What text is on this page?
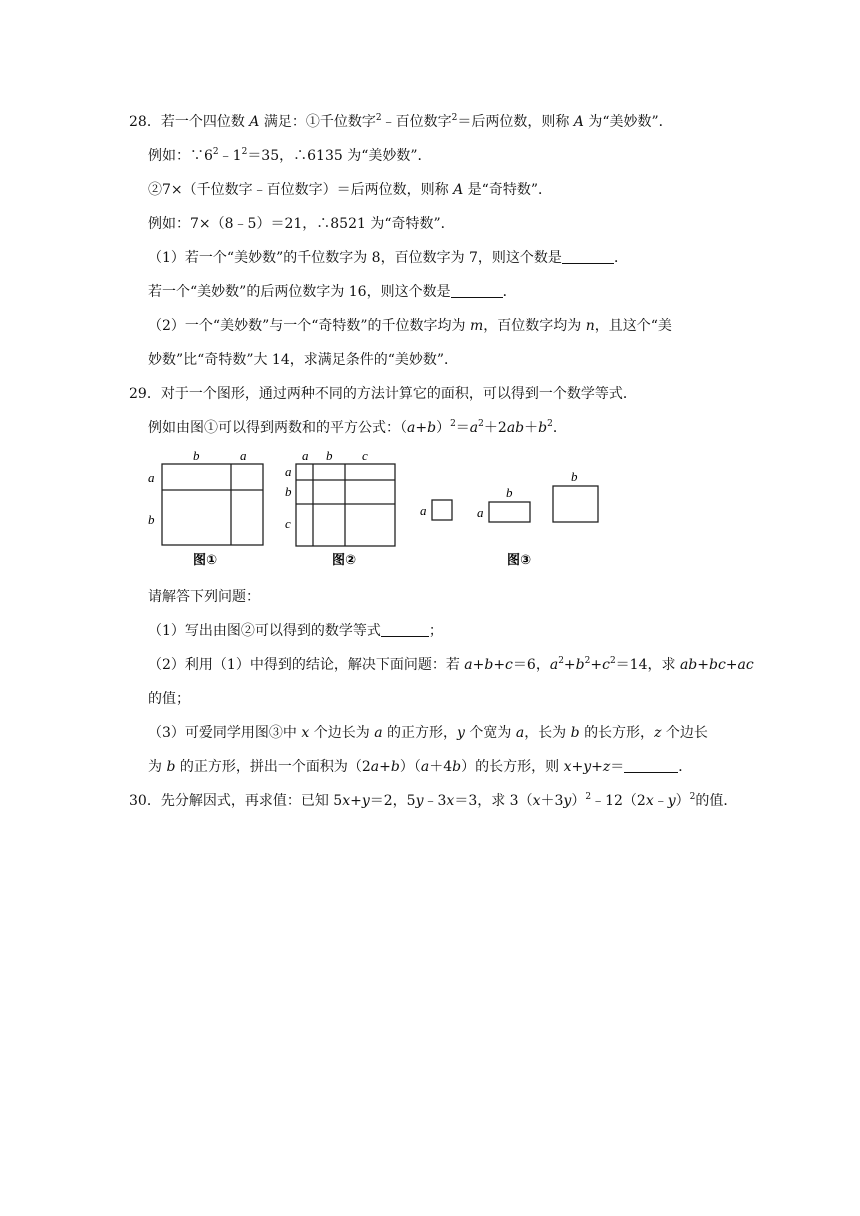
28．若一个四位数 A 满足：①千位数字$^2$﹣百位数字$^2$＝后两位数，则称 A 为“美妙数”．
例如：$\because 6^2﹣1^2=35$，∴6135 为“美妙数”．
②7×（千位数字﹣百位数字）＝后两位数，则称 A 是“奇特数”．
例如：7×（8﹣5）＝21，∴8521 为“奇特数”．
（1）若一个“美妙数”的千位数字为 8，百位数字为 7，则这个数是	．
若一个“美妙数”的后两位数字为 16，则这个数是	．
（2）一个“美妙数”与一个“奇特数”的千位数字均为 m，百位数字均为 n，且这个“美
妙数”比“奇特数”大 14，求满足条件的“美妙数”．
29．对于一个图形，通过两种不同的方法计算它的面积，可以得到一个数学等式．
例如由图①可以得到两数和的平方公式：$(a+b)^2=a^2+2ab+b^2$．
b	a
a
b
图①
a b c
a
b
c
图②
a	a
b
b
图③
请解答下列问题：
（1）写出由图②可以得到的数学等式	；
（2）利用（1）中得到的结论，解决下面问题：若 a+b+c＝6，$a^2+b^2+c^2=14$，求 ab+bc+ac
的值；
（3）可爱同学用图③中 x 个边长为 a 的正方形，y 个宽为 a，长为 b 的长方形，z 个边长
为 b 的正方形，拼出一个面积为（2a+b）（a＋4b）的长方形，则 x+y+z＝	．
30．先分解因式，再求值：已知 5x+y＝2，5y﹣3x＝3，求 $3(x+3y)^2﹣12(2x﹣y)^2$的值．
